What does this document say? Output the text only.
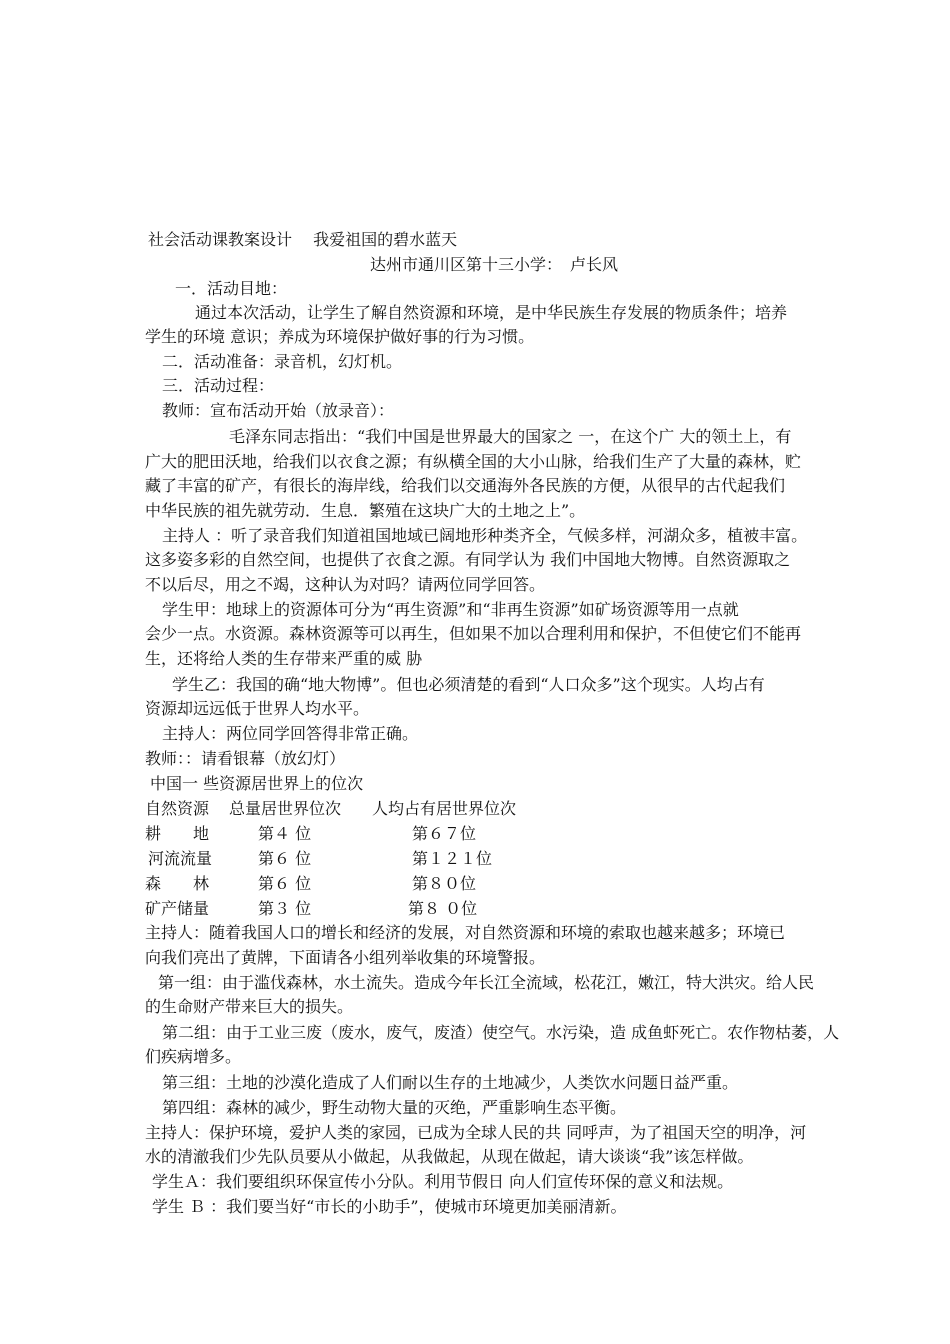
社会活动课教案设计　 我爱祖国的碧水蓝天
达州市通川区第十三小学：　卢长风
一．活动目地：
通过本次活动，让学生了解自然资源和环境，是中华民族生存发展的物质条件；培养
学生的环境 意识；养成为环境保护做好事的行为习惯。
二．活动准备：录音机，幻灯机。
三．活动过程：
教师：宣布活动开始（放录音）：
毛泽东同志指出：“我们中国是世界最大的国家之 一，在这个广 大的领土上，有
广大的肥田沃地，给我们以衣食之源；有纵横全国的大小山脉，给我们生产了大量的森林，贮
藏了丰富的矿产，有很长的海岸线，给我们以交通海外各民族的方便，从很早的古代起我们
中华民族的祖先就劳动．生息．繁殖在这块广大的土地之上”。
主持人 ：听了录音我们知道祖国地域已阔地形种类齐全，气候多样，河湖众多，植被丰富。
这多姿多彩的自然空间，也提供了衣食之源。有同学认为 我们中国地大物博。自然资源取之
不以后尽，用之不竭，这种认为对吗？请两位同学回答。
学生甲：地球上的资源体可分为“再生资源”和“非再生资源”如矿场资源等用一点就
会少一点。水资源。森林资源等可以再生，但如果不加以合理利用和保护，不但使它们不能再
生，还将给人类的生存带来严重的威 胁
学生乙：我国的确“地大物博”。但也必须清楚的看到“人口众多”这个现实。人均占有
资源却远远低于世界人均水平。
主持人：两位同学回答得非常正确。
教师：：请看银幕（放幻灯）
中国一 些资源居世界上的位次
自然资源 总量居世界位次 人均占有居世界位次
耕　　地	第４ 位	第６７位
河流流量	第６ 位	第１２１位
森　　林	第６ 位	第８０位
矿产储量	第３ 位	第８ ０位
主持人：随着我国人口的增长和经济的发展，对自然资源和环境的索取也越来越多；环境已
向我们亮出了黄牌，下面请各小组列举收集的环境警报。
第一组：由于滥伐森林，水土流失。造成今年长江全流域，松花江，嫩江，特大洪灾。给人民
的生命财产带来巨大的损失。
第二组：由于工业三废（废水，废气，废渣）使空气。水污染，造 成鱼虾死亡。农作物枯萎，人
们疾病增多。
第三组：土地的沙漠化造成了人们耐以生存的土地减少，人类饮水问题日益严重。
第四组：森林的减少，野生动物大量的灭绝，严重影响生态平衡。
主持人：保护环境，爱护人类的家园，已成为全球人民的共 同呼声，为了祖国天空的明净，河
水的清澈我们少先队员要从小做起，从我做起，从现在做起，请大谈谈“我”该怎样做。
学生Ａ：我们要组织环保宣传小分队。利用节假日 向人们宣传环保的意义和法规。
学生 Ｂ ：我们要当好“市长的小助手”，使城市环境更加美丽清新。
